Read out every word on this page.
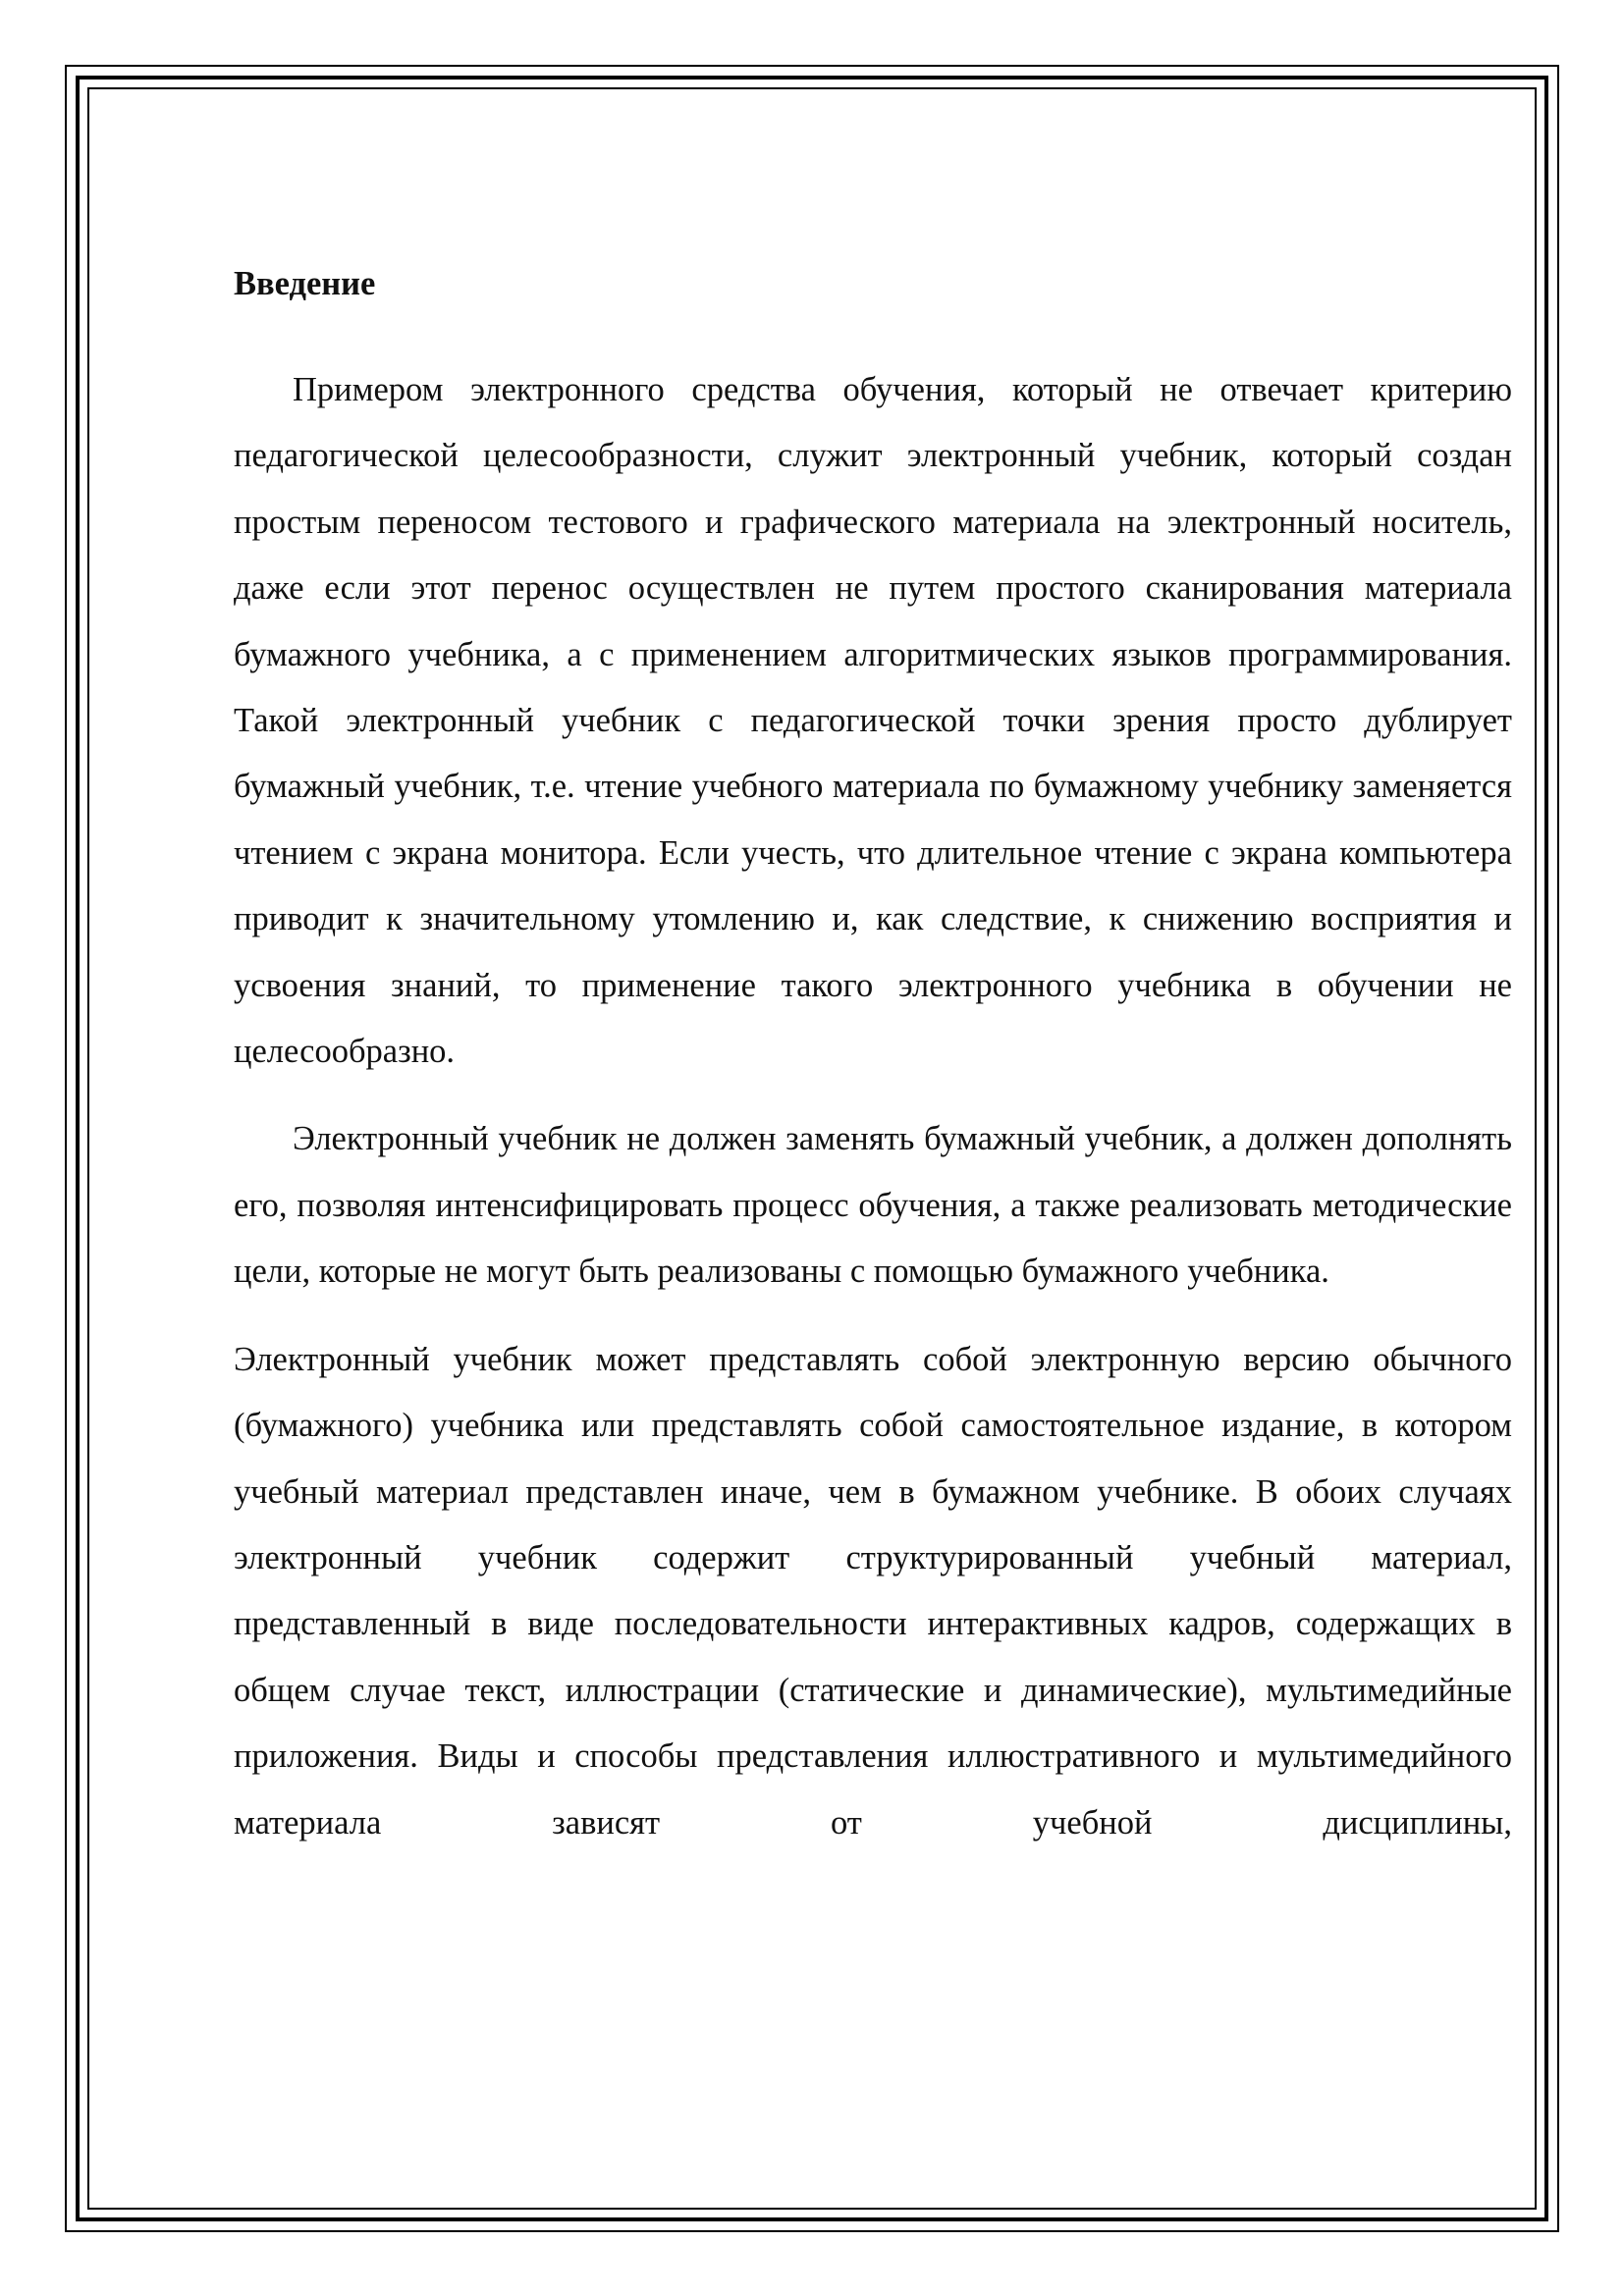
Введение

Примером электронного средства обучения, который не отвечает критерию педагогической целесообразности, служит электронный учебник, который создан простым переносом тестового и графического материала на электронный носитель, даже если этот перенос осуществлен не путем простого сканирования материала бумажного учебника, а с применением алгоритмических языков программирования. Такой электронный учебник с педагогической точки зрения просто дублирует бумажный учебник, т.е. чтение учебного материала по бумажному учебнику заменяется чтением с экрана монитора. Если учесть, что длительное чтение с экрана компьютера приводит к значительному утомлению и, как следствие, к снижению восприятия и усвоения знаний, то применение такого электронного учебника в обучении не целесообразно.

Электронный учебник не должен заменять бумажный учебник, а должен дополнять его, позволяя интенсифицировать процесс обучения, а также реализовать методические цели, которые не могут быть реализованы с помощью бумажного учебника.

Электронный учебник может представлять собой электронную версию обычного (бумажного) учебника или представлять собой самостоятельное издание, в котором учебный материал представлен иначе, чем в бумажном учебнике. В обоих случаях электронный учебник содержит структурированный учебный материал, представленный в виде последовательности интерактивных кадров, содержащих в общем случае текст, иллюстрации (статические и динамические), мультимедийные приложения. Виды и способы представления иллюстративного и мультимедийного материала зависят от учебной дисциплины,
